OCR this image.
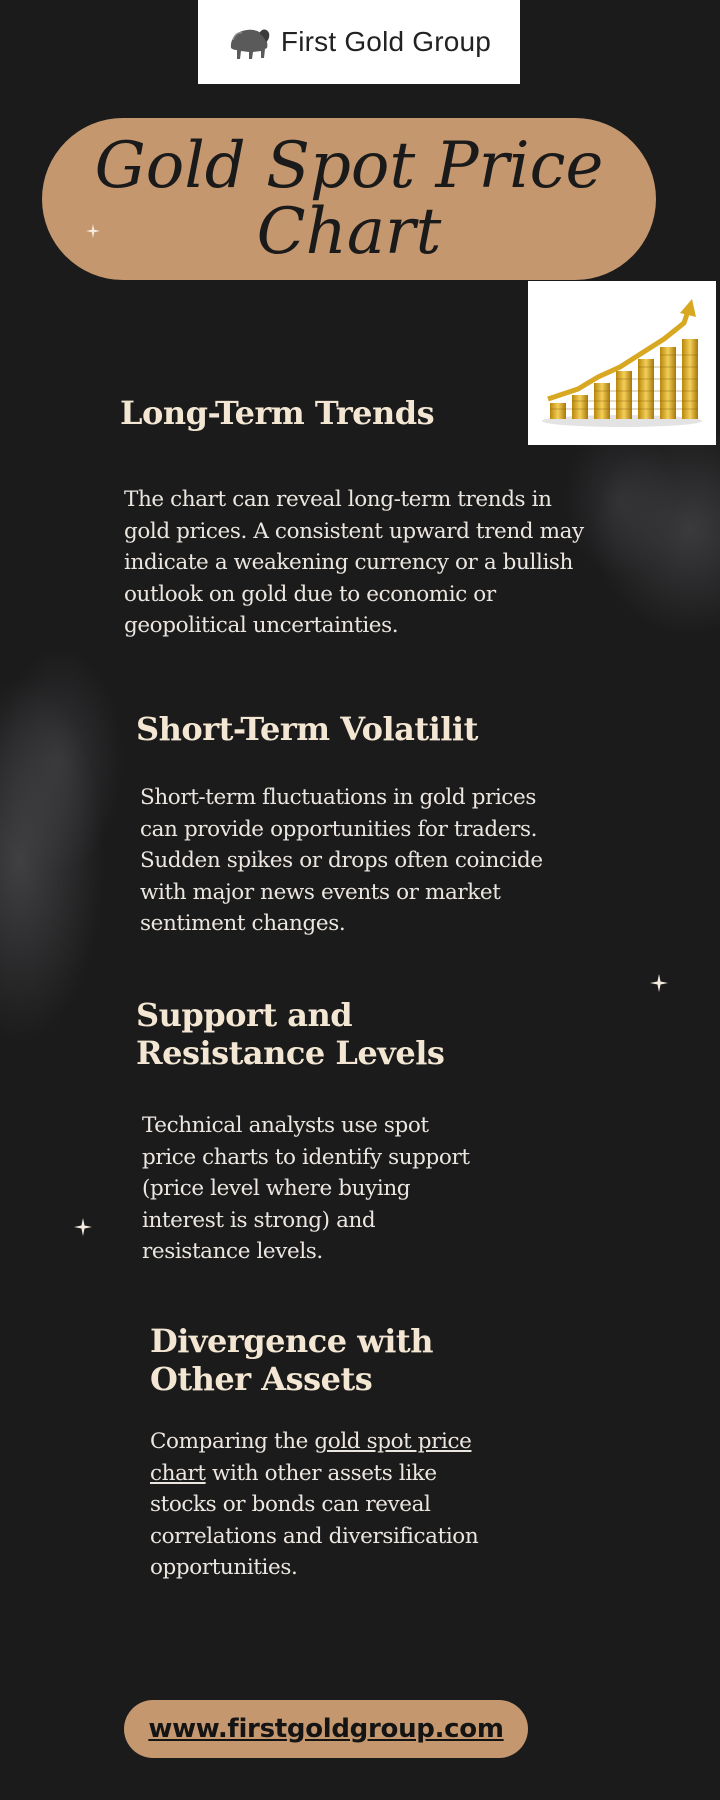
First Gold Group
Gold Spot Price
Chart
Long-Term Trends

The chart can reveal long-term trends in gold prices. A consistent upward trend may indicate a weakening currency or a bullish outlook on gold due to economic or geopolitical uncertainties.

Short-Term Volatilit

Short-term fluctuations in gold prices can provide opportunities for traders. Sudden spikes or drops often coincide with major news events or market sentiment changes.

Support and
Resistance Levels

Technical analysts use spot price charts to identify support (price level where buying interest is strong) and resistance levels.

Divergence with
Other Assets

Comparing the gold spot price chart with other assets like stocks or bonds can reveal correlations and diversification opportunities.

www.firstgoldgroup.com
